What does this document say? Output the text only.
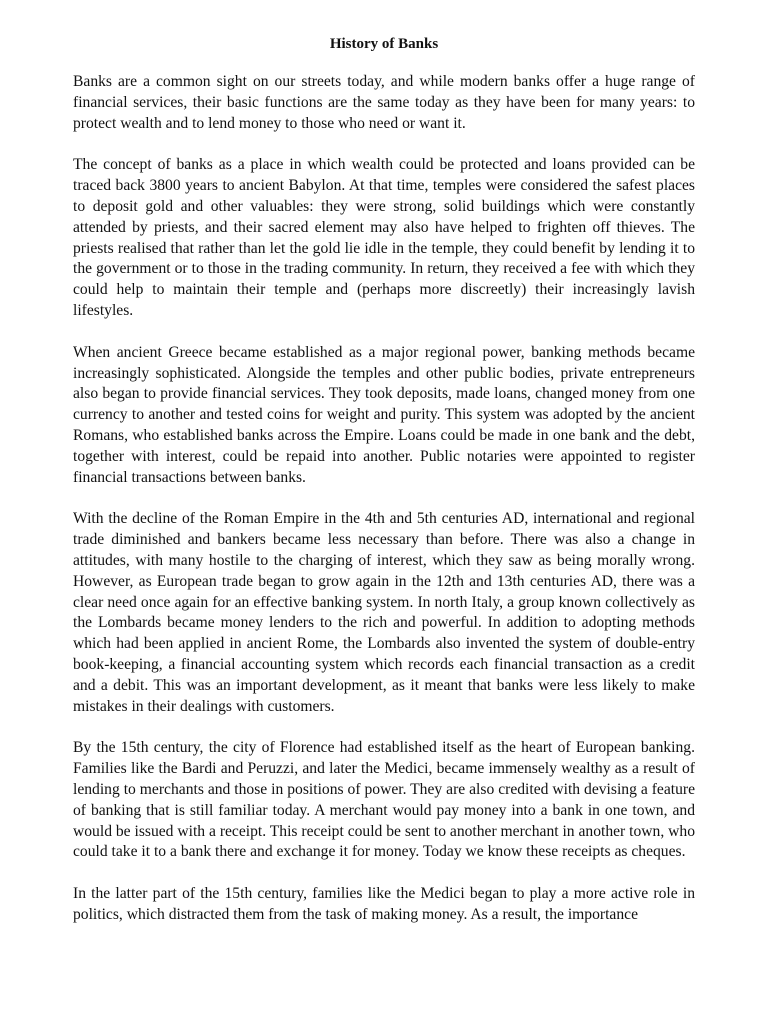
History of Banks

Banks are a common sight on our streets today, and while modern banks offer a huge range of financial services, their basic functions are the same today as they have been for many years: to protect wealth and to lend money to those who need or want it.

The concept of banks as a place in which wealth could be protected and loans provided can be traced back 3800 years to ancient Babylon. At that time, temples were considered the safest places to deposit gold and other valuables: they were strong, solid buildings which were constantly attended by priests, and their sacred element may also have helped to frighten off thieves. The priests realised that rather than let the gold lie idle in the temple, they could benefit by lending it to the government or to those in the trading community. In return, they received a fee with which they could help to maintain their temple and (perhaps more discreetly) their increasingly lavish lifestyles.

When ancient Greece became established as a major regional power, banking methods became increasingly sophisticated. Alongside the temples and other public bodies, private entrepreneurs also began to provide financial services. They took deposits, made loans, changed money from one currency to another and tested coins for weight and purity. This system was adopted by the ancient Romans, who established banks across the Empire. Loans could be made in one bank and the debt, together with interest, could be repaid into another. Public notaries were appointed to register financial transactions between banks.

With the decline of the Roman Empire in the 4th and 5th centuries AD, international and regional trade diminished and bankers became less necessary than before. There was also a change in attitudes, with many hostile to the charging of interest, which they saw as being morally wrong. However, as European trade began to grow again in the 12th and 13th centuries AD, there was a clear need once again for an effective banking system. In north Italy, a group known collectively as the Lombards became money lenders to the rich and powerful. In addition to adopting methods which had been applied in ancient Rome, the Lombards also invented the system of double-entry book-keeping, a financial accounting system which records each financial transaction as a credit and a debit. This was an important development, as it meant that banks were less likely to make mistakes in their dealings with customers.

By the 15th century, the city of Florence had established itself as the heart of European banking. Families like the Bardi and Peruzzi, and later the Medici, became immensely wealthy as a result of lending to merchants and those in positions of power. They are also credited with devising a feature of banking that is still familiar today. A merchant would pay money into a bank in one town, and would be issued with a receipt. This receipt could be sent to another merchant in another town, who could take it to a bank there and exchange it for money. Today we know these receipts as cheques.

In the latter part of the 15th century, families like the Medici began to play a more active role in politics, which distracted them from the task of making money. As a result, the importance
